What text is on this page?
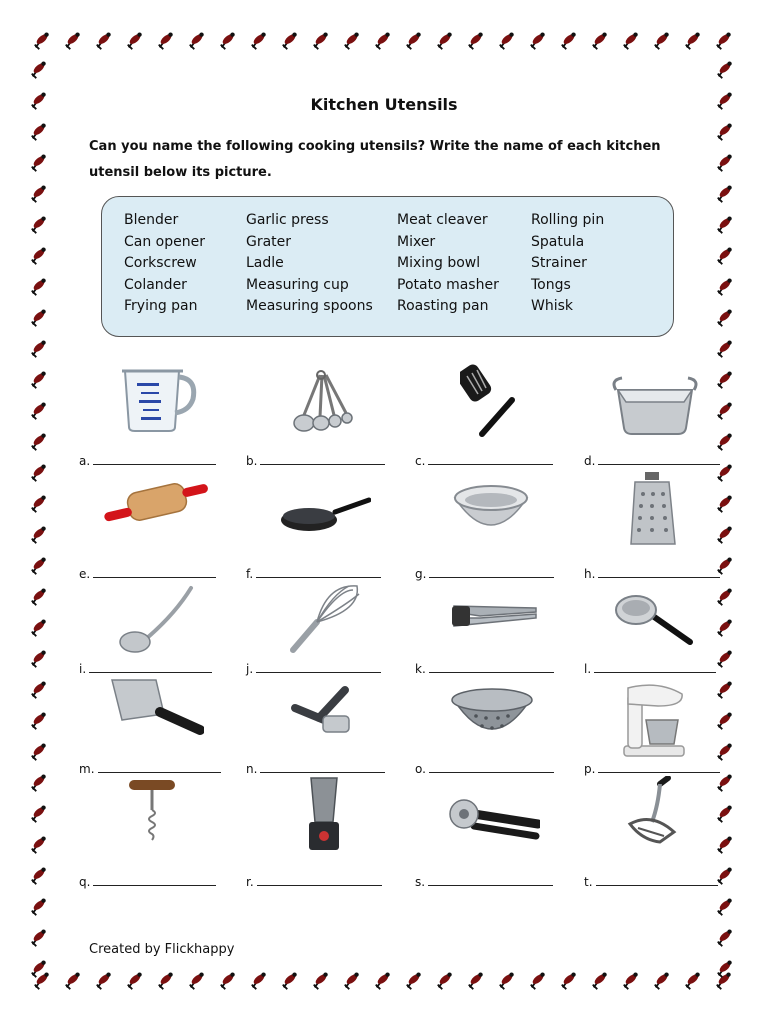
Kitchen Utensils
Can you name the following cooking utensils? Write the name of each kitchen
utensil below its picture.
Blender
Can opener
Corkscrew
Colander
Frying pan
Garlic press
Grater
Ladle
Measuring cup
Measuring spoons
Meat cleaver
Mixer
Mixing bowl
Potato masher
Roasting pan
Rolling pin
Spatula
Strainer
Tongs
Whisk
a.	b.	c.	d.
e.	f.	g.	h.
i.	j.	k.	l.
m.	n.	o.	p.
q.	r.	s.	t.
Created by Flickhappy
